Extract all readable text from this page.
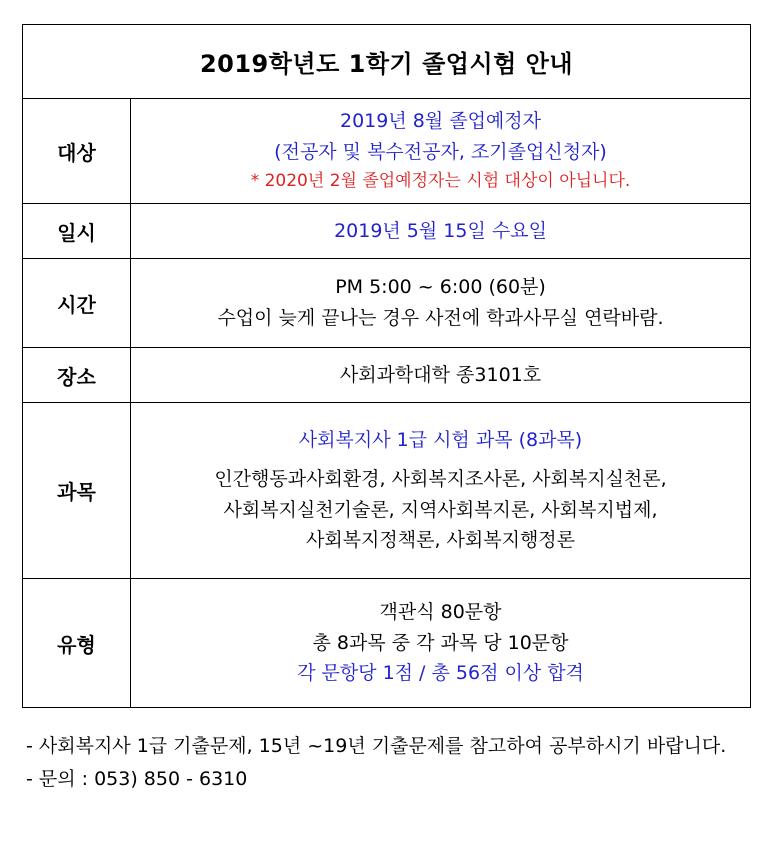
2019학년도 1학기 졸업시험 안내	
대상	2019년 8월 졸업예정자
(전공자 및 복수전공자, 조기졸업신청자)
* 2020년 2월 졸업예정자는 시험 대상이 아닙니다.

일시	2019년 5월 15일 수요일

시간	PM 5:00 ~ 6:00 (60분)
수업이 늦게 끝나는 경우 사전에 학과사무실 연락바람.

장소	사회과학대학 종3101호

과목	사회복지사 1급 시험 과목 (8과목)
인간행동과사회환경, 사회복지조사론, 사회복지실천론,
사회복지실천기술론, 지역사회복지론, 사회복지법제,
사회복지정책론, 사회복지행정론

유형	객관식 80문항
총 8과목 중 각 과목 당 10문항
각 문항당 1점 / 총 56점 이상 합격
- 사회복지사 1급 기출문제, 15년 ~19년 기출문제를 참고하여 공부하시기 바랍니다.
- 문의 : 053) 850 - 6310
